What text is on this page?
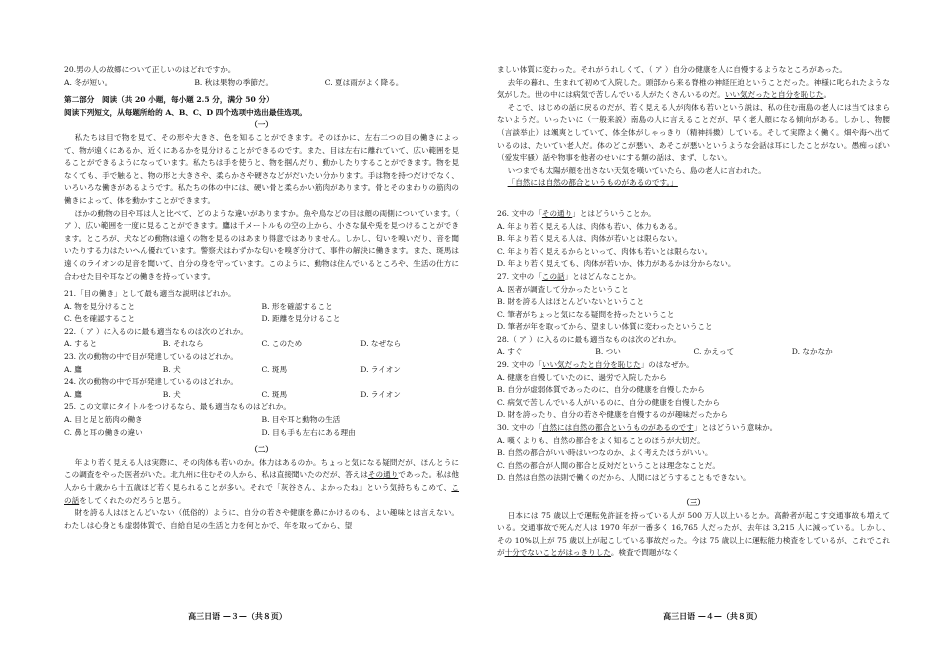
20.男の人の故郷について正しいのはどれですか。
A. 冬が短い。	B. 秋は果物の季節だ。	C. 夏は雨がよく降る。
第二部分　阅读（共 20 小题，每小题 2.5 分，满分 50 分）
阅读下列短文，从每题所给的 A、B、C、D 四个选项中选出最佳选项。
（一）

私たちは目で物を見て、その形や大きさ、色を知ることができます。そのほかに、左右二つの目の働きによって、物が遠くにあるか、近くにあるかを見分けることができるのです。また、目は左右に離れていて、広い範囲を見ることができるようになっています。私たちは手を使うと、物を掴んだり、動かしたりすることができます。物を見なくても、手で触ると、物の形と大きさや、柔らかさや硬さなどがだいたい分かります。手は物を持つだけでなく、いろいろな働きがあるようです。私たちの体の中には、硬い骨と柔らかい筋肉があります。骨とそのまわりの筋肉の働きによって、体を動かすことができます。

ほかの動物の目や耳は人と比べて、どのような違いがありますか。魚や鳥などの目は顔の両側についています。（ ア ）、広い範囲を一度に見ることができます。鷹は千メートルもの空の上から、小さな鼠や兎を見つけることができます。ところが、犬などの動物は遠くの物を見るのはあまり得意ではありません。しかし、匂いを嗅いだり、音を聞いたりする力はたいへん優れています。警察犬はわずかな匂いを嗅ぎ分けて、事件の解決に働きます。また、斑馬は遠くのライオンの足音を聞いて、自分の身を守っています。このように、動物は住んでいるところや、生活の仕方に合わせた目や耳などの働きを持っています。

21.「目の働き」として最も適当な説明はどれか。
A. 物を見分けること	B. 形を確認すること
C. 色を確認すること	D. 距離を見分けること
22.（ ア ）に入るのに最も適当なものは次のどれか。
A. すると	B. それなら	C. このため	D. なぜなら
23. 次の動物の中で目が発達しているのはどれか。
A. 鷹	B. 犬	C. 斑馬	D. ライオン
24. 次の動物の中で耳が発達しているのはどれか。
A. 鷹	B. 犬	C. 斑馬	D. ライオン
25. この文章にタイトルをつけるなら、最も適当なものはどれか。
A. 目と足と筋肉の働き	B. 目や耳と動物の生活
C. 鼻と耳の働きの違い	D. 目も手も左右にある理由
（二）

年より若く見える人は実際に、その肉体も若いのか。体力はあるのか。ちょっと気になる疑問だが、ほんとうにこの調査をやった医者がいた。北九州に住むその人から、私は直接聞いたのだが、答えはその通りであった。私は他人から十歳から十五歳ほど若く見られることが多い。それで「灰谷さん、よかったね」という気持ちもこめて、この話をしてくれたのだろうと思う。

財を誇る人はほとんどいない（低俗的）ように、自分の若さや健康を鼻にかけるのも、よい趣味とは言えない。わたしは心身とも虚弱体質で、自給自足の生活と力を何とかで、年を取ってから、望

高三日语 —３—（共８页）

ましい体質に変わった。それがうれしくて、（ ア ）自分の健康を人に自慢するようなところがあった。

去年の暮れ、生まれて初めて入院した。頭部から来る脊椎の神経圧迫ということだった。神様に叱られたような気がした。世の中には病気で苦しんでいる人がたくさんいるのだ。いい気だったと自分を恥じた。

そこで、はじめの話に戻るのだが、若く見える人が肉体も若いという説は、私の住む南島の老人には当てはまらないようだ。いったいに（一般来説）南島の人に言えることだが、早く老人顔になる傾向がある。しかし、物腰（言談举止）は颯爽としていて、体全体がしゃっきり（精神抖擞）している。そして実際よく働く。畑や海へ出ているのは、たいてい老人だ。体のどこが悪い、あそこが悪いというような会話は耳にしたことがない。愚痴っぽい（爱发牢骚）話や物事を他者のせいにする類の話は、まず、しない。

いつまでも太陽が顔を出さない天気を嘆いていたら、島の老人に言われた。

「自然には自然の都合というものがあるのです。」

26. 文中の「その通り」とはどういうことか。
A. 年より若く見える人は、肉体も若い、体力もある。
B. 年より若く見える人は、肉体が若いとは限らない。
C. 年より若く見えるからといって、肉体も若いとは限らない。
D. 年より若く見えても、肉体が若いか、体力があるかは分からない。
27. 文中の「この話」とはどんなことか。
A. 医者が調査して分かったということ
B. 財を誇る人はほとんどいないということ
C. 筆者がちょっと気になる疑問を持ったということ
D. 筆者が年を取ってから、望ましい体質に変わったということ
28.（ ア ）に入るのに最も適当なものは次のどれか。
A. すぐ	B. つい	C. かえって	D. なかなか
29. 文中の「いい気だったと自分を恥じた」のはなぜか。
A. 健康を自慢していたのに、過労で入院したから
B. 自分が虚弱体質であったのに、自分の健康を自慢したから
C. 病気で苦しんでいる人がいるのに、自分の健康を自慢したから
D. 財を誇ったり、自分の若さや健康を自慢するのが趣味だったから
30. 文中の「自然には自然の都合というものがあるのです」とはどういう意味か。
A. 嘆くよりも、自然の都合をよく知ることのほうが大切だ。
B. 自然の都合がいい時はいつなのか、よく考えたほうがいい。
C. 自然の都合が人間の都合と反対だということは理念なことだ。
D. 自然は自然の法則で働くのだから、人間にはどうすることもできない。
（三）

日本には 75 歳以上で運転免許証を持っている人が 500 万人以上いるとか。高齢者が起こす交通事故も増えている。交通事故で死んだ人は 1970 年が一番多く 16,765 人だったが、去年は 3,215 人に減っている。しかし、その 10%以上が 75 歳以上が起こしている事故だった。今は 75 歳以上に運転能力検査をしているが、これでこれが十分でないことがはっきりした。検査で問題がなく

高三日语 —４—（共８页）
